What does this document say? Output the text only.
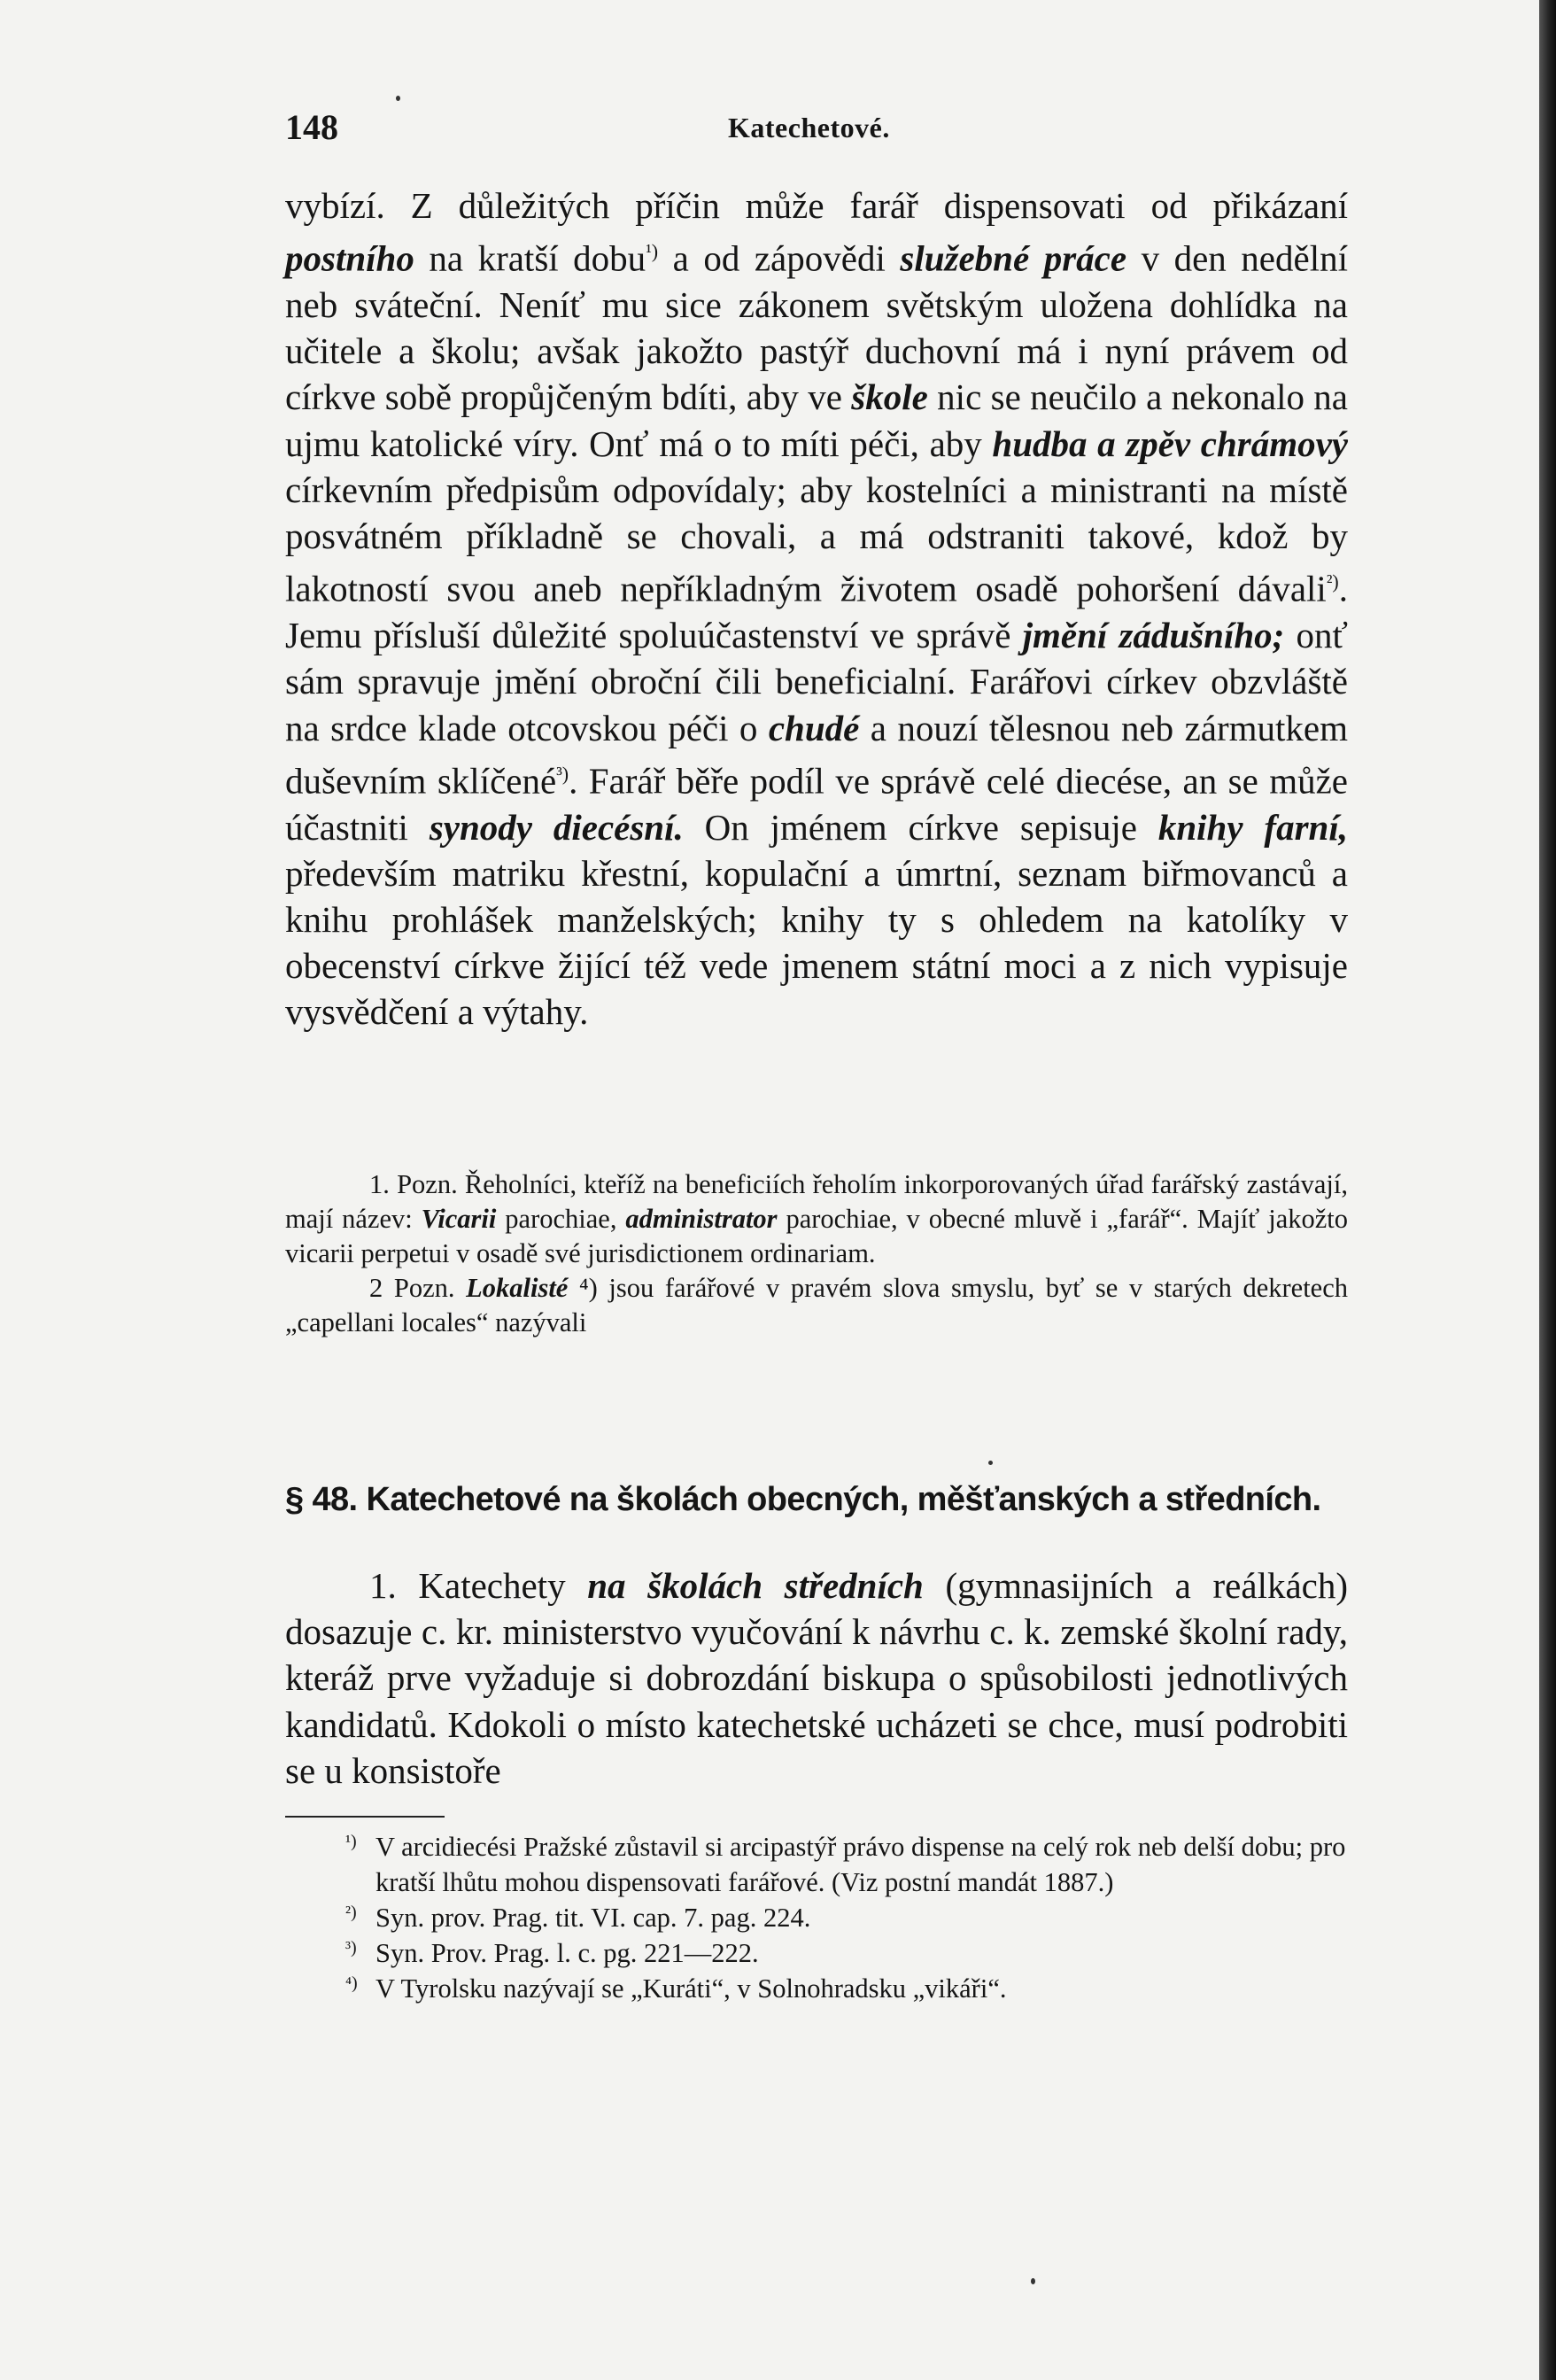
148	Katechetové.

vybízí. Z důležitých příčin může farář dispensovati od přikázaní postního na kratší dobu$^{^1)}$ a od zápovědi služebné práce v den nedělní neb sváteční. Neníť mu sice zákonem světským uložena dohlídka na učitele a školu; avšak jakožto pastýř duchovní má i nyní právem od církve sobě propůjčeným bdíti, aby ve škole nic se neučilo a nekonalo na ujmu katolické víry. Onť má o to míti péči, aby hudba a zpěv chrámový církevním předpisům odpovídaly; aby kostelníci a ministranti na místě posvátném příkladně se chovali, a má odstraniti takové, kdož by lakotností svou aneb nepříkladným životem osadě pohoršení dávali$^{^2)}$. Jemu přísluší důležité spoluúčastenství ve správě jmění zádušního; onť sám spravuje jmění obroční čili beneficialní. Farářovi církev obzvláště na srdce klade otcovskou péči o chudé a nouzí tělesnou neb zármutkem duševním sklíčené$^{^3)}$. Farář běře podíl ve správě celé diecése, an se může účastniti synody diecésní. On jménem církve sepisuje knihy farní, především matriku křestní, kopulační a úmrtní, seznam biřmovanců a knihu prohlášek manželských; knihy ty s ohledem na katolíky v obecenství církve žijící též vede jmenem státní moci a z nich vypisuje vysvědčení a výtahy.

1. Pozn. Řeholníci, kteříž na beneficiích řeholím inkorporovaných úřad farářský zastávají, mají název: Vicarii parochiae, administrator parochiae, v obecné mluvě i „farář“. Majíť jakožto vicarii perpetui v osadě své jurisdictionem ordinariam.

2 Pozn. Lokalisté ⁴) jsou farářové v pravém slova smyslu, byť se v starých dekretech „capellani locales“ nazývali

§ 48. Katechetové na školách obecných, měšťanských a středních.

1. Katechety na školách středních (gymnasijních a reálkách) dosazuje c. kr. ministerstvo vyučování k návrhu c. k. zemské školní rady, kteráž prve vyžaduje si dobrozdání biskupa o spůsobilosti jednotlivých kandidatů. Kdokoli o místo katechetské ucházeti se chce, musí podrobiti se u konsistoře

¹) V arcidiecési Pražské zůstavil si arcipastýř právo dispense na celý rok neb delší dobu; pro kratší lhůtu mohou dispensovati farářové. (Viz postní mandát 1887.)
²) Syn. prov. Prag. tit. VI. cap. 7. pag. 224.
³) Syn. Prov. Prag. l. c. pg. 221—222.
⁴) V Tyrolsku nazývají se „Kuráti“, v Solnohradsku „vikáři“.
